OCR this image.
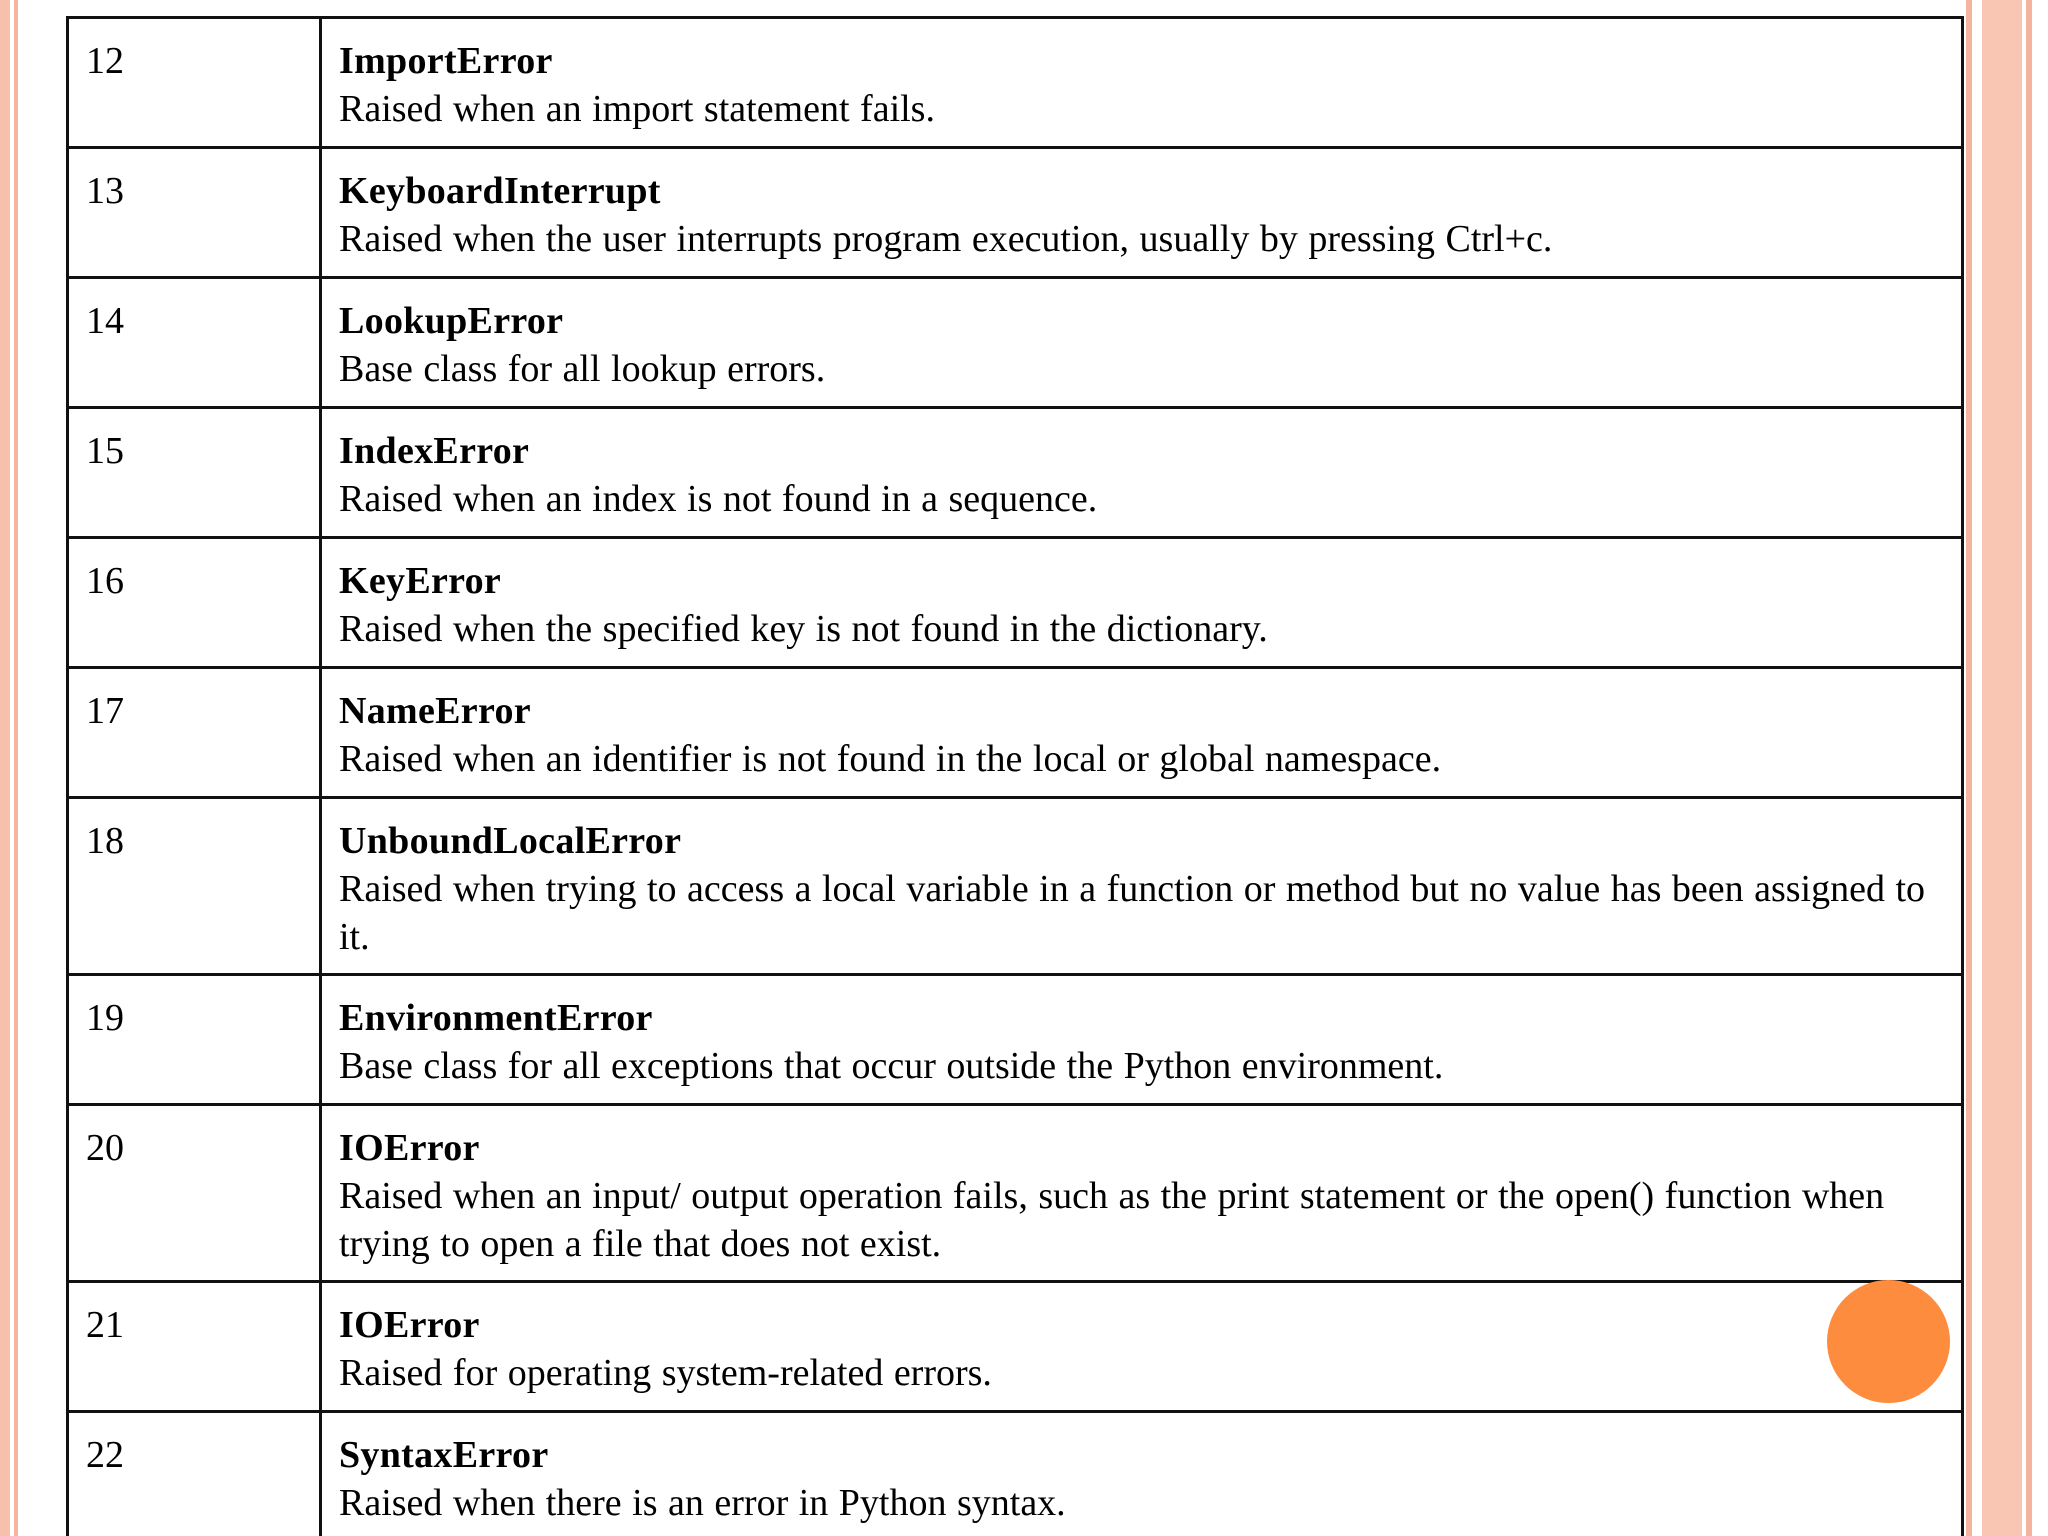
12	ImportError
Raised when an import statement fails.

13	KeyboardInterrupt
Raised when the user interrupts program execution, usually by pressing Ctrl+c.

14	LookupError
Base class for all lookup errors.

15	IndexError
Raised when an index is not found in a sequence.

16	KeyError
Raised when the specified key is not found in the dictionary.

17	NameError
Raised when an identifier is not found in the local or global namespace.

18	UnboundLocalError
Raised when trying to access a local variable in a function or method but no value has been assigned to it.

19	EnvironmentError
Base class for all exceptions that occur outside the Python environment.

20	IOError
Raised when an input/ output operation fails, such as the print statement or the open() function when trying to open a file that does not exist.

21	IOError
Raised for operating system-related errors.

22	SyntaxError
Raised when there is an error in Python syntax.
